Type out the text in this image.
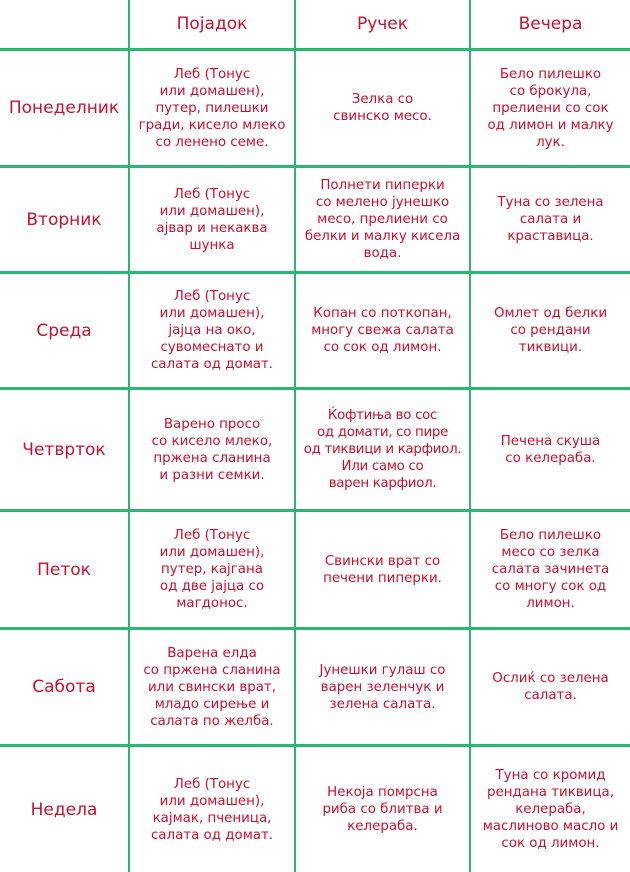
Појадок	Ручек	Вечера
Понеделник
Леб (Тонус
или домашен),
путер, пилешки
гради, кисело млеко
со ленено семе.
Зелка со
свинско месо.
Бело пилешко
со брокула,
прелиени со сок
од лимон и малку
лук.
Вторник
Леб (Тонус
или домашен),
ајвар и некаква
шунка
Полнети пиперки
со мелено јунешко
месо, прелиени со
белки и малку кисела
вода.
Туна со зелена
салата и
краставица.
Среда
Леб (Тонус
или домашен),
јајца на око,
сувомеснато и
салата од домат.
Копан со поткопан,
многу свежа салата
со сок од лимон.
Омлет од белки
со рендани
тиквици.
Четврток
Варено просо
со кисело млеко,
пржена сланина
и разни семки.
Ќофтиња во сос
од домати, со пире
од тиквици и карфиол.
Или само со
варен карфиол.
Печена скуша
со келераба.
Петок
Леб (Тонус
или домашен),
путер, кајгана
од две јајца со
магдонос.
Свински врат со
печени пиперки.
Бело пилешко
месо со зелка
салата зачинета
со многу сок од
лимон.
Сабота
Варена елда
со пржена сланина
или свински врат,
младо сирење и
салата по желба.
Јунешки гулаш со
варен зеленчук и
зелена салата.
Ослиќ со зелена
салата.
Недела
Леб (Тонус
или домашен),
кајмак, пченица,
салата од домат.
Некоја помрсна
риба со блитва и
келераба.
Туна со кромид
рендана тиквица,
келераба,
маслиново масло и
сок од лимон.
